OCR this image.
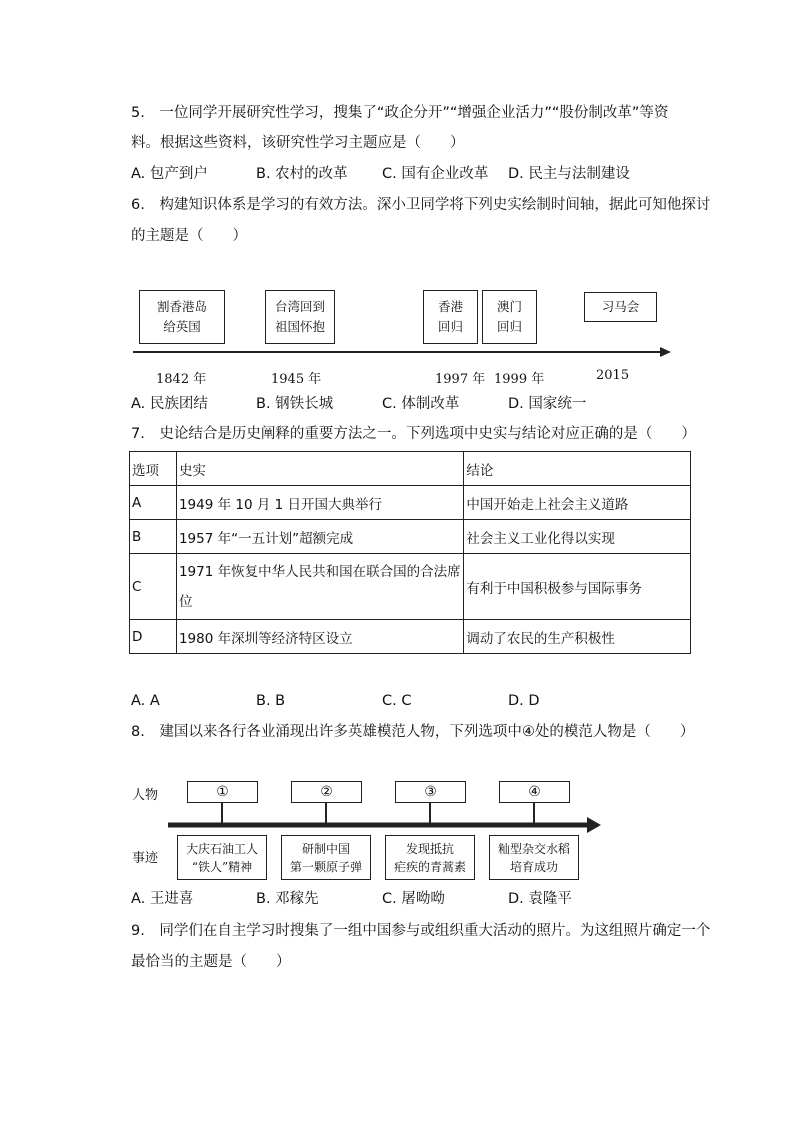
5.　一位同学开展研究性学习，搜集了“政企分开”“增强企业活力”“股份制改革”等资
料。根据这些资料，该研究性学习主题应是（　　）
A. 包产到户	B. 农村的改革 C. 国有企业改革 D. 民主与法制建设
6.　构建知识体系是学习的有效方法。深小卫同学将下列史实绘制时间轴，据此可知他探讨
的主题是（　　）
割香港岛
给英国
台湾回到
祖国怀抱
香港
回归
澳门
回归
习马会
1842 年	1945 年	1997 年 1999 年	2015
A. 民族团结	B. 钢铁长城	C. 体制改革	D. 国家统一
7.　史论结合是历史阐释的重要方法之一。下列选项中史实与结论对应正确的是（　　）
选项	史实	结论
A	1949 年 10 月 1 日开国大典举行	中国开始走上社会主义道路
B	1957 年“一五计划”超额完成	社会主义工业化得以实现
C	1971 年恢复中华人民共和国在联合国的合法席位	有利于中国积极参与国际事务
D	1980 年深圳等经济特区设立	调动了农民的生产积极性
A. A	B. B	C. C	D. D
8.　建国以来各行各业涌现出许多英雄模范人物，下列选项中④处的模范人物是（　　）
人物
事迹
①	②	③	④
大庆石油工人
“铁人”精神
研制中国
第一颗原子弹
发现抵抗
疟疾的青蒿素
籼型杂交水稻
培育成功
A. 王进喜	B. 邓稼先	C. 屠呦呦	D. 袁隆平
9.　同学们在自主学习时搜集了一组中国参与或组织重大活动的照片。为这组照片确定一个
最恰当的主题是（　　）
